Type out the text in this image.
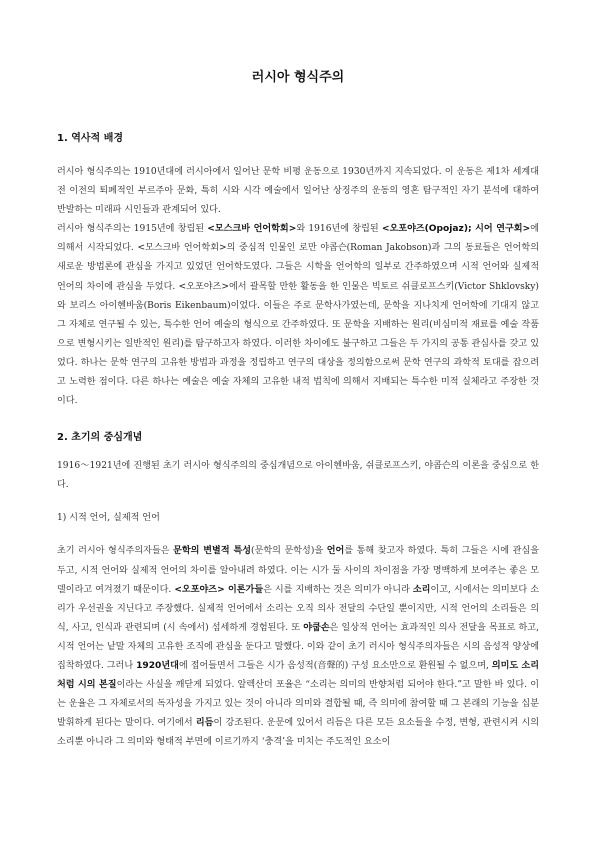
러시아 형식주의
1. 역사적 배경

러시아 형식주의는 1910년대에 러시아에서 일어난 문학 비평 운동으로 1930년까지 지속되었다. 이 운동은 제1차 세계대전 이전의 퇴폐적인 부르주아 문화, 특히 시와 시각 예술에서 일어난 상징주의 운동의 영혼 탐구적인 자기 분석에 대하여 반발하는 미래파 시인들과 관계되어 있다.

러시아 형식주의는 1915년에 창립된 <모스크바 언어학회>와 1916년에 창립된 <오포야즈(Opojaz); 시어 연구회>에 의해서 시작되었다. <모스크바 언어학회>의 중심적 인물인 로만 야콥슨(Roman Jakobson)과 그의 동료들은 언어학의 새로운 방법론에 관심을 가지고 있었던 언어학도였다. 그들은 시학을 언어학의 일부로 간주하였으며 시적 언어와 실제적 언어의 차이에 관심을 두었다. <오포야즈>에서 괄목할 만한 활동을 한 인물은 빅토르 쉬클로프스키(Victor Shklovsky)와 보리스 아이헨바움(Boris Eikenbaum)이었다. 이들은 주로 문학사가였는데, 문학을 지나치게 언어학에 기대지 않고 그 자체로 연구될 수 있는, 특수한 언어 예술의 형식으로 간주하였다. 또 문학을 지배하는 원리(비심미적 재료를 예술 작품으로 변형시키는 일반적인 원리)를 탐구하고자 하였다. 이러한 차이에도 불구하고 그들은 두 가지의 공통 관심사를 갖고 있었다. 하나는 문학 연구의 고유한 방법과 과정을 정립하고 연구의 대상을 정의함으로써 문학 연구의 과학적 토대를 잡으려고 노력한 점이다. 다른 하나는 예술은 예술 자체의 고유한 내적 법칙에 의해서 지배되는 특수한 미적 실체라고 주장한 것이다.

2. 초기의 중심개념

1916～1921년에 진행된 초기 러시아 형식주의의 중심개념으로 아이헨바움, 쉬클로프스키, 야콥슨의 이론을 중심으로 한다.

1) 시적 언어, 실제적 언어

초기 러시아 형식주의자들은 문학의 변별적 특성(문학의 문학성)을 언어를 통해 찾고자 하였다. 특히 그들은 시에 관심을 두고, 시적 언어와 실제적 언어의 차이를 알아내려 하였다. 이는 시가 둘 사이의 차이점을 가장 명백하게 보여주는 좋은 모델이라고 여겨졌기 때문이다. <오포야즈> 이론가들은 시를 지배하는 것은 의미가 아니라 소리이고, 시에서는 의미보다 소리가 우선권을 지닌다고 주장했다. 실제적 언어에서 소리는 오직 의사 전달의 수단일 뿐이지만, 시적 언어의 소리들은 의식, 사고, 인식과 관련되며 (시 속에서) 섬세하게 경험된다. 또 야쿱손은 일상적 언어는 효과적인 의사 전달을 목표로 하고, 시적 언어는 낱말 자체의 고유한 조직에 관심을 둔다고 말했다. 이와 같이 초기 러시아 형식주의자들은 시의 음성적 양상에 집착하였다. 그러나 1920년대에 접어들면서 그들은 시가 음성적(音聲的) 구성 요소만으로 환원될 수 없으며, 의미도 소리처럼 시의 본질이라는 사실을 깨닫게 되었다. 알렉산더 포율은 “소리는 의미의 반향처럼 되어야 한다.”고 말한 바 있다. 이는 운율은 그 자체로서의 독자성을 가지고 있는 것이 아니라 의미와 결합될 때, 즉 의미에 참여할 때 그 본래의 기능을 십분 발휘하게 된다는 말이다. 여기에서 리듬이 강조된다. 운문에 있어서 리듬은 다른 모든 요소들을 수정, 변형, 관련시켜 시의 소리뿐 아니라 그 의미와 형태적 부면에 이르기까지 ‘충격’을 미치는 주도적인 요소이
